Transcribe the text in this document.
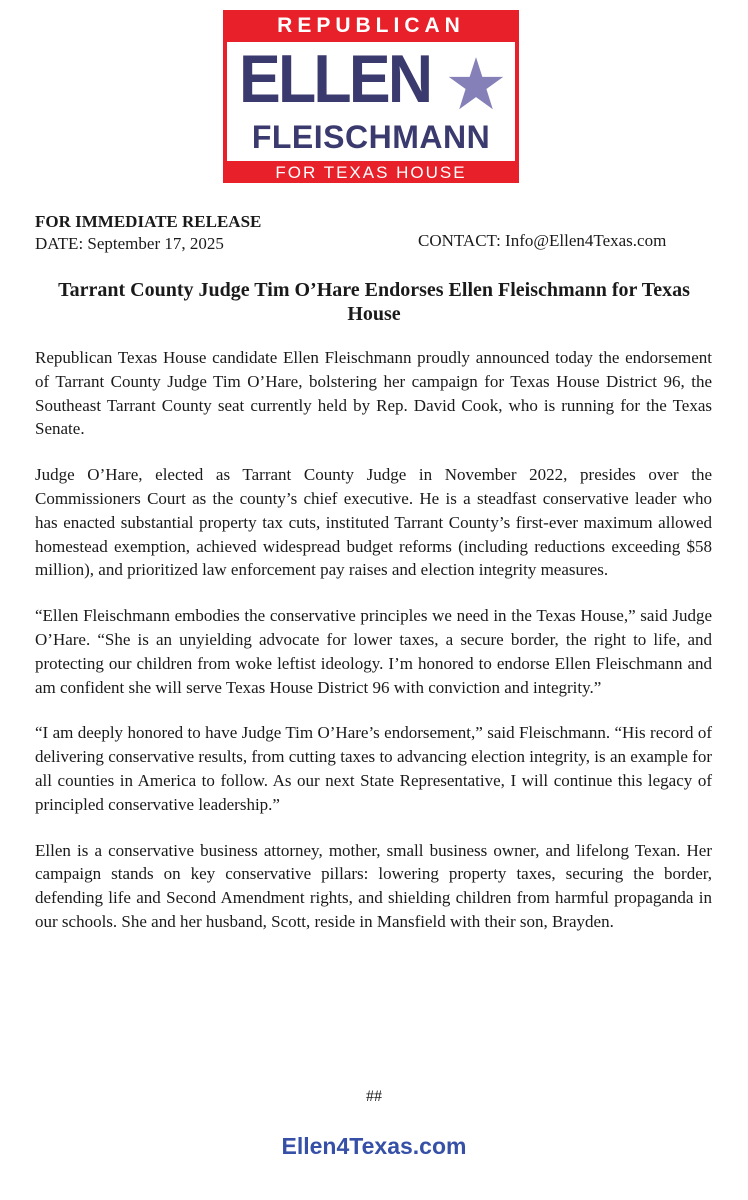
REPUBLICAN
ELLEN
FLEISCHMANN
FOR TEXAS HOUSE
FOR IMMEDIATE RELEASE
DATE: September 17, 2025	CONTACT: Info@Ellen4Texas.com
Tarrant County Judge Tim O’Hare Endorses Ellen Fleischmann for Texas House

Republican Texas House candidate Ellen Fleischmann proudly announced today the endorsement of Tarrant County Judge Tim O’Hare, bolstering her campaign for Texas House District 96, the Southeast Tarrant County seat currently held by Rep. David Cook, who is running for the Texas Senate.

Judge O’Hare, elected as Tarrant County Judge in November 2022, presides over the Commissioners Court as the county’s chief executive. He is a steadfast conservative leader who has enacted substantial property tax cuts, instituted Tarrant County’s first-ever maximum allowed homestead exemption, achieved widespread budget reforms (including reductions exceeding $58 million), and prioritized law enforcement pay raises and election integrity measures.

“Ellen Fleischmann embodies the conservative principles we need in the Texas House,” said Judge O’Hare. “She is an unyielding advocate for lower taxes, a secure border, the right to life, and protecting our children from woke leftist ideology. I’m honored to endorse Ellen Fleischmann and am confident she will serve Texas House District 96 with conviction and integrity.”

“I am deeply honored to have Judge Tim O’Hare’s endorsement,” said Fleischmann. “His record of delivering conservative results, from cutting taxes to advancing election integrity, is an example for all counties in America to follow. As our next State Representative, I will continue this legacy of principled conservative leadership.”

Ellen is a conservative business attorney, mother, small business owner, and lifelong Texan. Her campaign stands on key conservative pillars: lowering property taxes, securing the border, defending life and Second Amendment rights, and shielding children from harmful propaganda in our schools. She and her husband, Scott, reside in Mansfield with their son, Brayden.

##
Ellen4Texas.com
